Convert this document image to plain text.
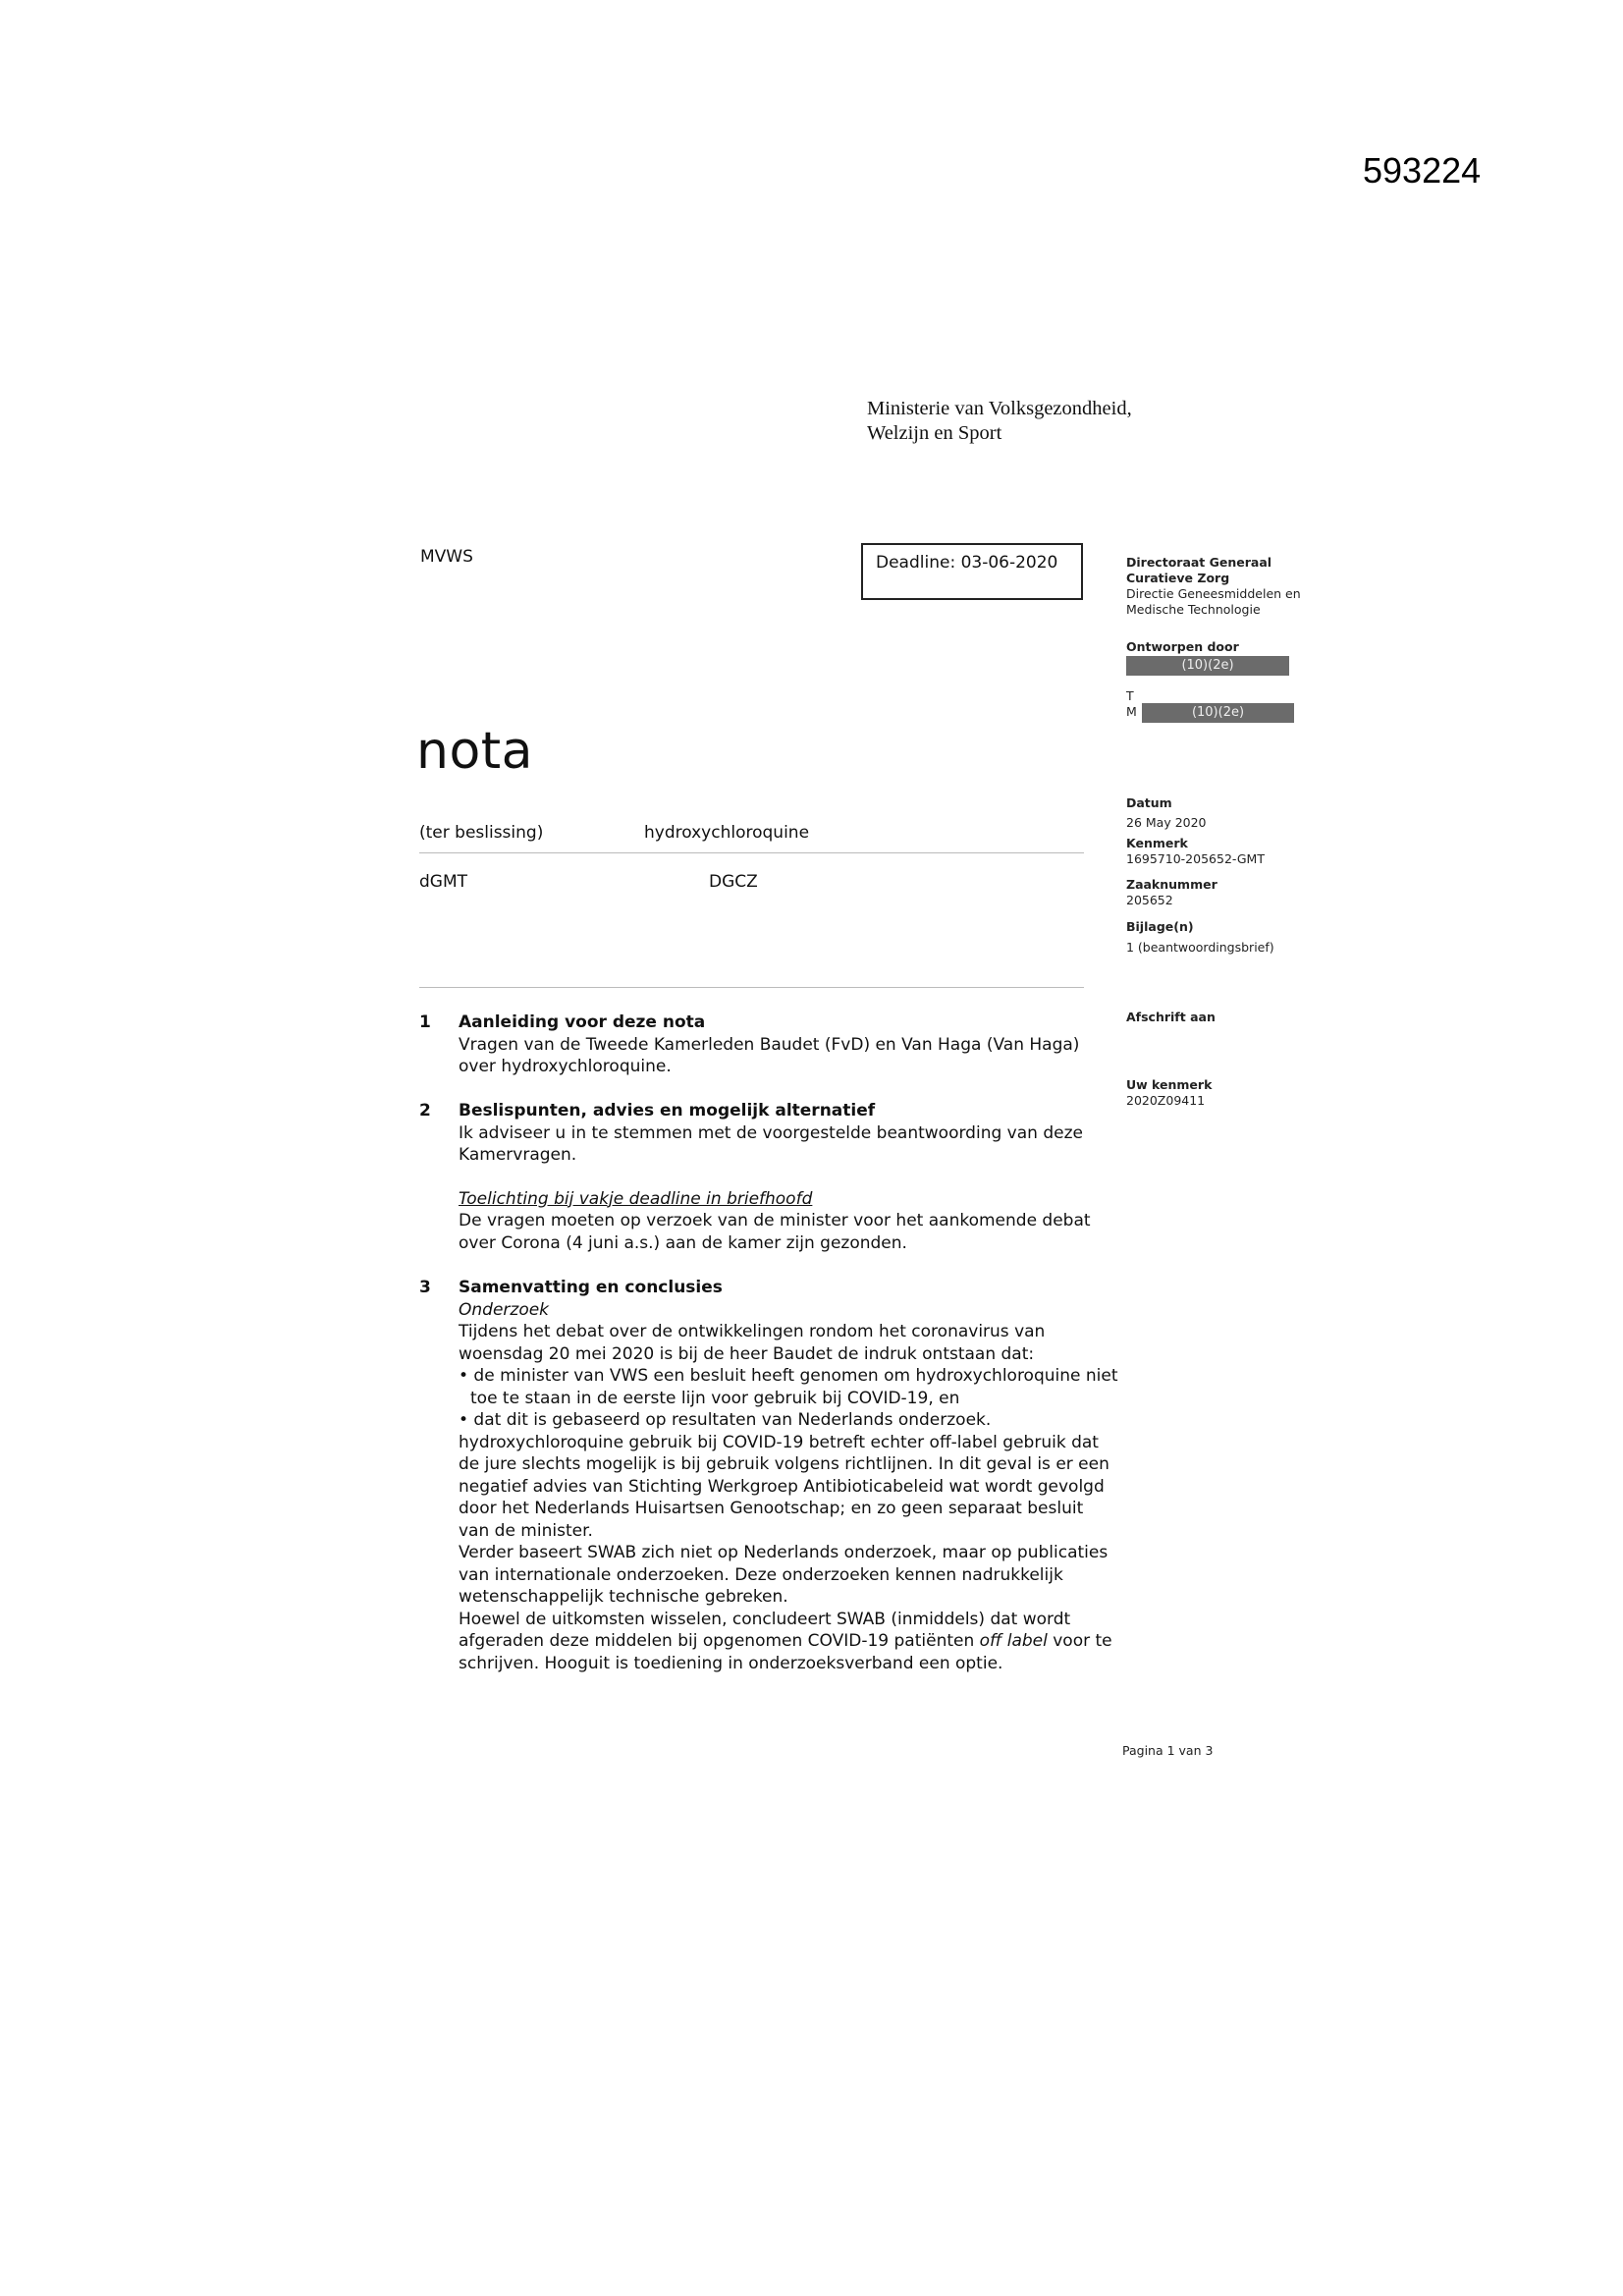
593224
Ministerie van Volksgezondheid,
Welzijn en Sport
MVWS	Deadline: 03-06-2020
nota
(ter beslissing)	hydroxychloroquine
dGMT	DGCZ
Directoraat Generaal
Curatieve Zorg
Directie Geneesmiddelen en
Medische Technologie
Ontworpen door
(10)(2e)
T
M	(10)(2e)
Datum
26 May 2020
Kenmerk
1695710-205652-GMT
Zaaknummer
205652
Bijlage(n)
1 (beantwoordingsbrief)
Afschrift aan
Uw kenmerk
2020Z09411
1 Aanleiding voor deze nota

Vragen van de Tweede Kamerleden Baudet (FvD) en Van Haga (Van Haga)

over hydroxychloroquine.

2 Beslispunten, advies en mogelijk alternatief

Ik adviseer u in te stemmen met de voorgestelde beantwoording van deze

Kamervragen.

Toelichting bij vakje deadline in briefhoofd

De vragen moeten op verzoek van de minister voor het aankomende debat

over Corona (4 juni a.s.) aan de kamer zijn gezonden.

3 Samenvatting en conclusies

Onderzoek

Tijdens het debat over de ontwikkelingen rondom het coronavirus van

woensdag 20 mei 2020 is bij de heer Baudet de indruk ontstaan dat:

• de minister van VWS een besluit heeft genomen om hydroxychloroquine niet

toe te staan in de eerste lijn voor gebruik bij COVID-19, en

• dat dit is gebaseerd op resultaten van Nederlands onderzoek.

hydroxychloroquine gebruik bij COVID-19 betreft echter off-label gebruik dat

de jure slechts mogelijk is bij gebruik volgens richtlijnen. In dit geval is er een

negatief advies van Stichting Werkgroep Antibioticabeleid wat wordt gevolgd

door het Nederlands Huisartsen Genootschap; en zo geen separaat besluit

van de minister.

Verder baseert SWAB zich niet op Nederlands onderzoek, maar op publicaties

van internationale onderzoeken. Deze onderzoeken kennen nadrukkelijk

wetenschappelijk technische gebreken.

Hoewel de uitkomsten wisselen, concludeert SWAB (inmiddels) dat wordt

afgeraden deze middelen bij opgenomen COVID-19 patiënten off label voor te

schrijven. Hooguit is toediening in onderzoeksverband een optie.

Pagina 1 van 3
